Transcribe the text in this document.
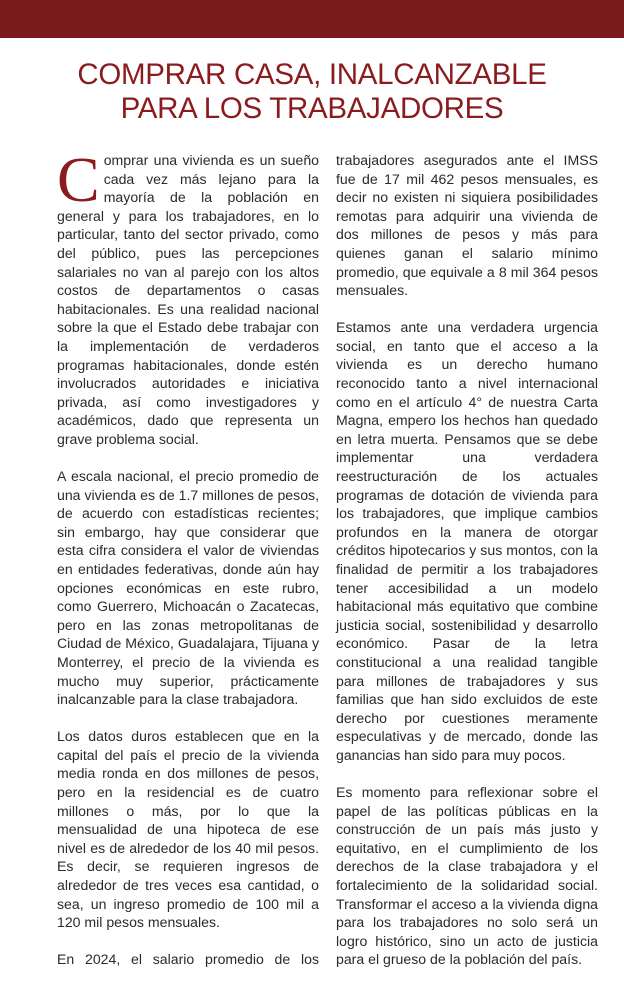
COMPRAR CASA, INALCANZABLE
PARA LOS TRABAJADORES

Comprar una vivienda es un sueño cada vez más lejano para la mayoría de la población en general y para los trabajadores, en lo particular, tanto del sector privado, como del público, pues las percepciones salariales no van al parejo con los altos costos de departamentos o casas habitacionales. Es una realidad nacional sobre la que el Estado debe trabajar con la implementación de verdaderos programas habitacionales, donde estén involucrados autoridades e iniciativa privada, así como investigadores y académicos, dado que representa un grave problema social.

A escala nacional, el precio promedio de una vivienda es de 1.7 millones de pesos, de acuerdo con estadísticas recientes; sin embargo, hay que considerar que esta cifra considera el valor de viviendas en entidades federativas, donde aún hay opciones económicas en este rubro, como Guerrero, Michoacán o Zacatecas, pero en las zonas metropolitanas de Ciudad de México, Guadalajara, Tijuana y Monterrey, el precio de la vivienda es mucho muy superior, prácticamente inalcanzable para la clase trabajadora.

Los datos duros establecen que en la capital del país el precio de la vivienda media ronda en dos millones de pesos, pero en la residencial es de cuatro millones o más, por lo que la mensualidad de una hipoteca de ese nivel es de alrededor de los 40 mil pesos. Es decir, se requieren ingresos de alrededor de tres veces esa cantidad, o sea, un ingreso promedio de 100 mil a 120 mil pesos mensuales.

En 2024, el salario promedio de los

trabajadores asegurados ante el IMSS fue de 17 mil 462 pesos mensuales, es decir no existen ni siquiera posibilidades remotas para adquirir una vivienda de dos millones de pesos y más para quienes ganan el salario mínimo promedio, que equivale a 8 mil 364 pesos mensuales.

Estamos ante una verdadera urgencia social, en tanto que el acceso a la vivienda es un derecho humano reconocido tanto a nivel internacional como en el artículo 4° de nuestra Carta Magna, empero los hechos han quedado en letra muerta. Pensamos que se debe implementar una verdadera reestructuración de los actuales programas de dotación de vivienda para los trabajadores, que implique cambios profundos en la manera de otorgar créditos hipotecarios y sus montos, con la finalidad de permitir a los trabajadores tener accesibilidad a un modelo habitacional más equitativo que combine justicia social, sostenibilidad y desarrollo económico. Pasar de la letra constitucional a una realidad tangible para millones de trabajadores y sus familias que han sido excluidos de este derecho por cuestiones meramente especulativas y de mercado, donde las ganancias han sido para muy pocos.

Es momento para reflexionar sobre el papel de las políticas públicas en la construcción de un país más justo y equitativo, en el cumplimiento de los derechos de la clase trabajadora y el fortalecimiento de la solidaridad social. Transformar el acceso a la vivienda digna para los trabajadores no solo será un logro histórico, sino un acto de justicia para el grueso de la población del país.
